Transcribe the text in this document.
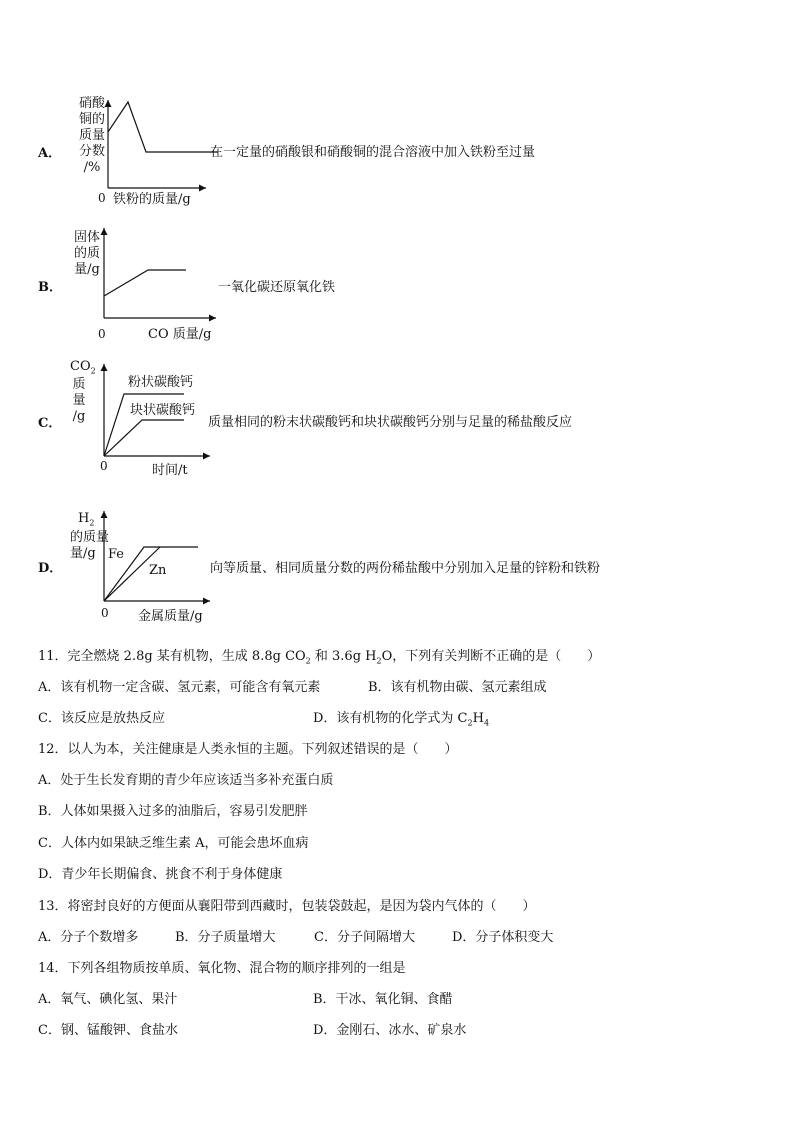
A．
硝酸
铜的
质量
分数
/%
0 铁粉的质量/g
在一定量的硝酸银和硝酸铜的混合溶液中加入铁粉至过量
B．
固体
的质
量/g
0	CO 质量/g
一氧化碳还原氧化铁
C．
$CO_2$
质
量
/g
粉状碳酸钙
块状碳酸钙
0	时间/t
质量相同的粉末状碳酸钙和块状碳酸钙分别与足量的稀盐酸反应
D．
$H_2$
的质量
量/g Fe
Zn
0 金属质量/g
向等质量、相同质量分数的两份稀盐酸中分别加入足量的锌粉和铁粉
11．完全燃烧 2.8g 某有机物，生成 8.8g $CO_2$ 和 3.6g $H_2O$，下列有关判断不正确的是（　　）
A．该有机物一定含碳、氢元素，可能含有氧元素	B．该有机物由碳、氢元素组成
C．该反应是放热反应	D．该有机物的化学式为 $C_2H_4$
12．以人为本，关注健康是人类永恒的主题。下列叙述错误的是（　　）
A．处于生长发育期的青少年应该适当多补充蛋白质
B．人体如果摄入过多的油脂后，容易引发肥胖
C．人体内如果缺乏维生素 A，可能会患坏血病
D．青少年长期偏食、挑食不利于身体健康
13．将密封良好的方便面从襄阳带到西藏时，包装袋鼓起，是因为袋内气体的（　　）
A．分子个数增多	B．分子质量增大	C．分子间隔增大	D．分子体积变大
14．下列各组物质按单质、氧化物、混合物的顺序排列的一组是
A．氧气、碘化氢、果汁	B．干冰、氧化铜、食醋
C．钢、锰酸钾、食盐水	D．金刚石、冰水、矿泉水
